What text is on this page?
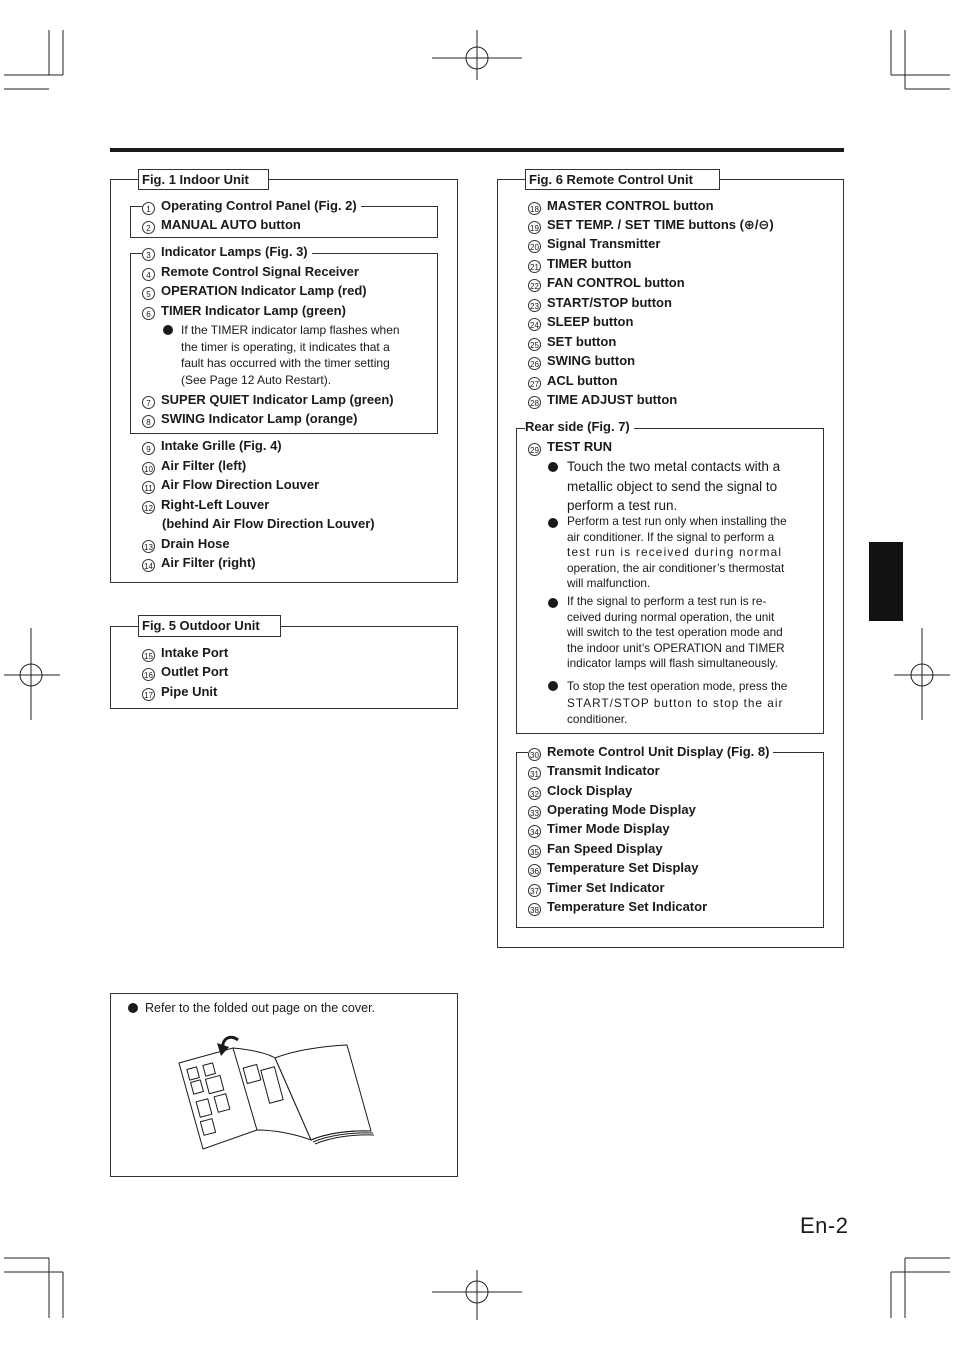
Fig. 1 Indoor Unit
1 Operating Control Panel (Fig. 2)
2 MANUAL AUTO button
3 Indicator Lamps (Fig. 3)
4 Remote Control Signal Receiver
5 OPERATION Indicator Lamp (red)
6 TIMER Indicator Lamp (green)
If the TIMER indicator lamp flashes when
the timer is operating, it indicates that a
fault has occurred with the timer setting
(See Page 12 Auto Restart).
7 SUPER QUIET Indicator Lamp (green)
8 SWING Indicator Lamp (orange)
9 Intake Grille (Fig. 4)
10 Air Filter (left)
11 Air Flow Direction Louver
12 Right-Left Louver
(behind Air Flow Direction Louver)
13 Drain Hose
14 Air Filter (right)
Fig. 5 Outdoor Unit
15 Intake Port
16 Outlet Port
17 Pipe Unit
Fig. 6 Remote Control Unit
18 MASTER CONTROL button
19 SET TEMP. / SET TIME buttons (⊕/⊖)
20 Signal Transmitter
21 TIMER button
22 FAN CONTROL button
23 START/STOP button
24 SLEEP button
25 SET button
26 SWING button
27 ACL button
28 TIME ADJUST button
Rear side (Fig. 7)
29 TEST RUN
Touch the two metal contacts with a
metallic object to send the signal to
perform a test run.
Perform a test run only when installing the
air conditioner. If the signal to perform a
test run is received during normal
operation, the air conditioner’s thermostat
will malfunction.
If the signal to perform a test run is re-
ceived during normal operation, the unit
will switch to the test operation mode and
the indoor unit’s OPERATION and TIMER
indicator lamps will flash simultaneously.
To stop the test operation mode, press the
START/STOP button to stop the air
conditioner.
30 Remote Control Unit Display (Fig. 8)
31 Transmit Indicator
32 Clock Display
33 Operating Mode Display
34 Timer Mode Display
35 Fan Speed Display
36 Temperature Set Display
37 Timer Set Indicator
38 Temperature Set Indicator
Refer to the folded out page on the cover.
En-2
